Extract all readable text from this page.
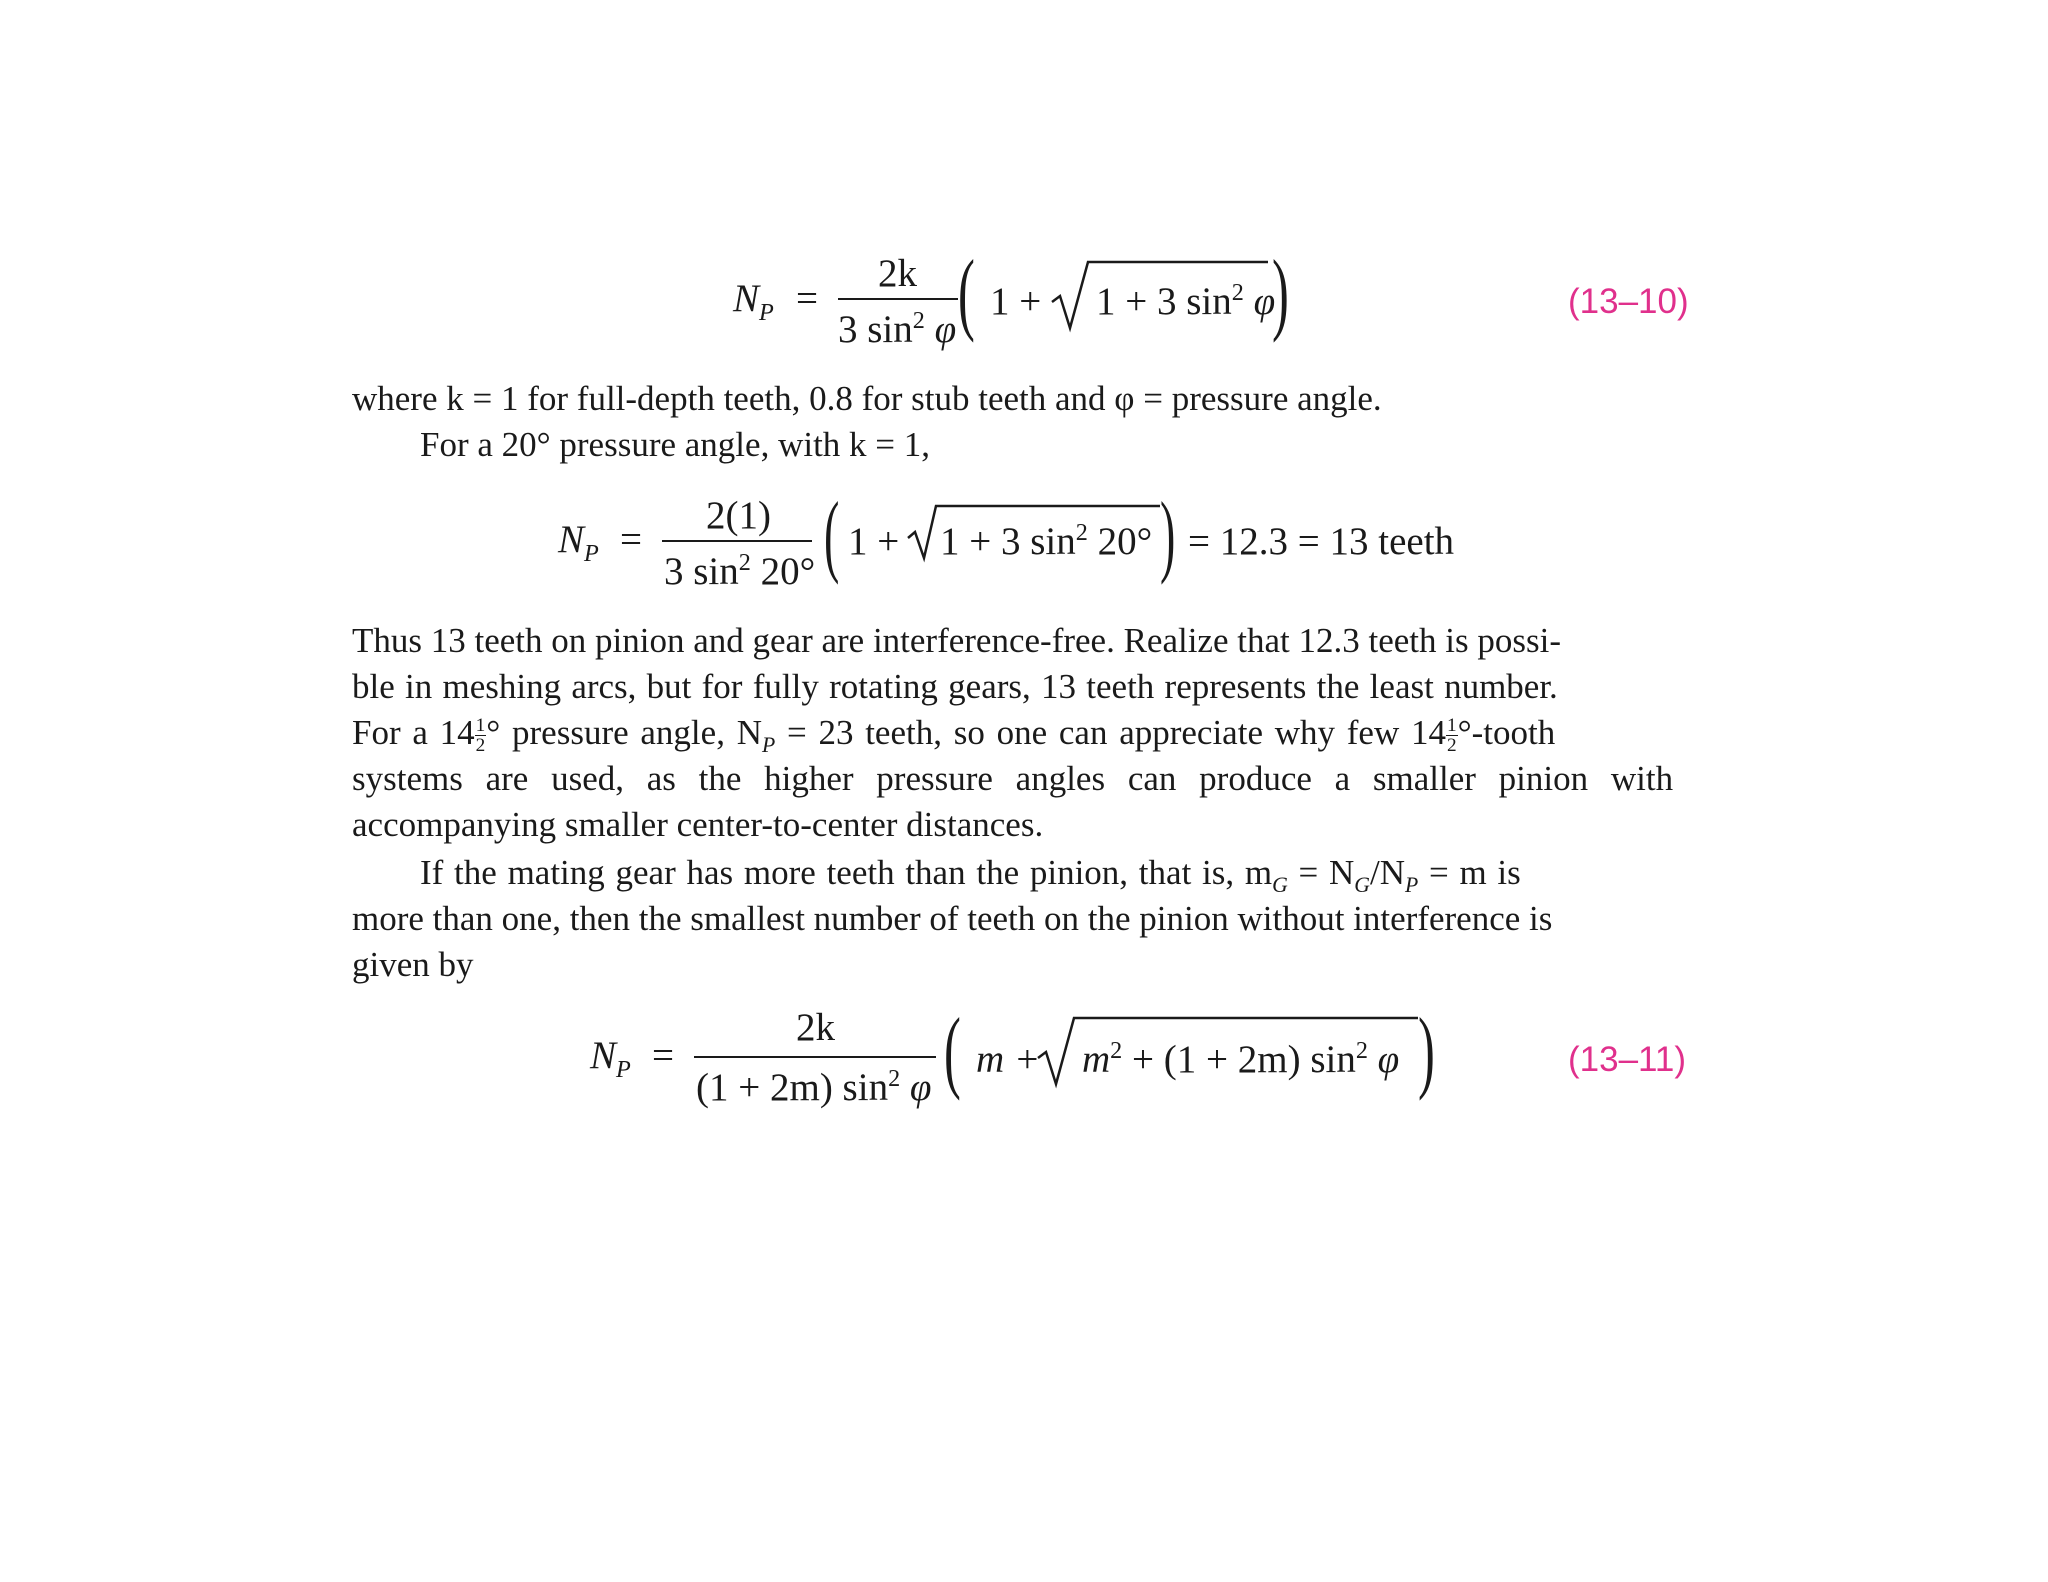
$N_P$ =
2k
3 $\sin^2 \varphi$ ( 1 + 1 + 3 $\sin^2 \varphi$
)	(13–10)
where k = 1 for full-depth teeth, 0.8 for stub teeth and φ = pressure angle.
For a 20° pressure angle, with k = 1,
$N_P$ =
2(1)
3 $\sin^2 20^\circ$ ( 1 + 1 + 3 $\sin^2 20^\circ$ ) = 12.3 = 13 teeth
Thus 13 teeth on pinion and gear are interference-free. Realize that 12.3 teeth is possi-
ble in meshing arcs, but for fully rotating gears, 13 teeth represents the least number.
For a $14 \frac{1}{2}$ ° pressure angle, $N_P = 23$ teeth, so one can appreciate why few $14 \frac{1}{2}$ °-tooth
systems are used, as the higher pressure angles can produce a smaller pinion with
accompanying smaller center-to-center distances.
If the mating gear has more teeth than the pinion, that is, $m_G = N_G/N_P = m$ is
more than one, then the smallest number of teeth on the pinion without interference is
given by
$N_P$ =
2k
(1 + 2m) $\sin^2 \varphi$ ( $m + m^2 + (1 + 2m)$ $\sin^2 \varphi$ )	(13–11)
